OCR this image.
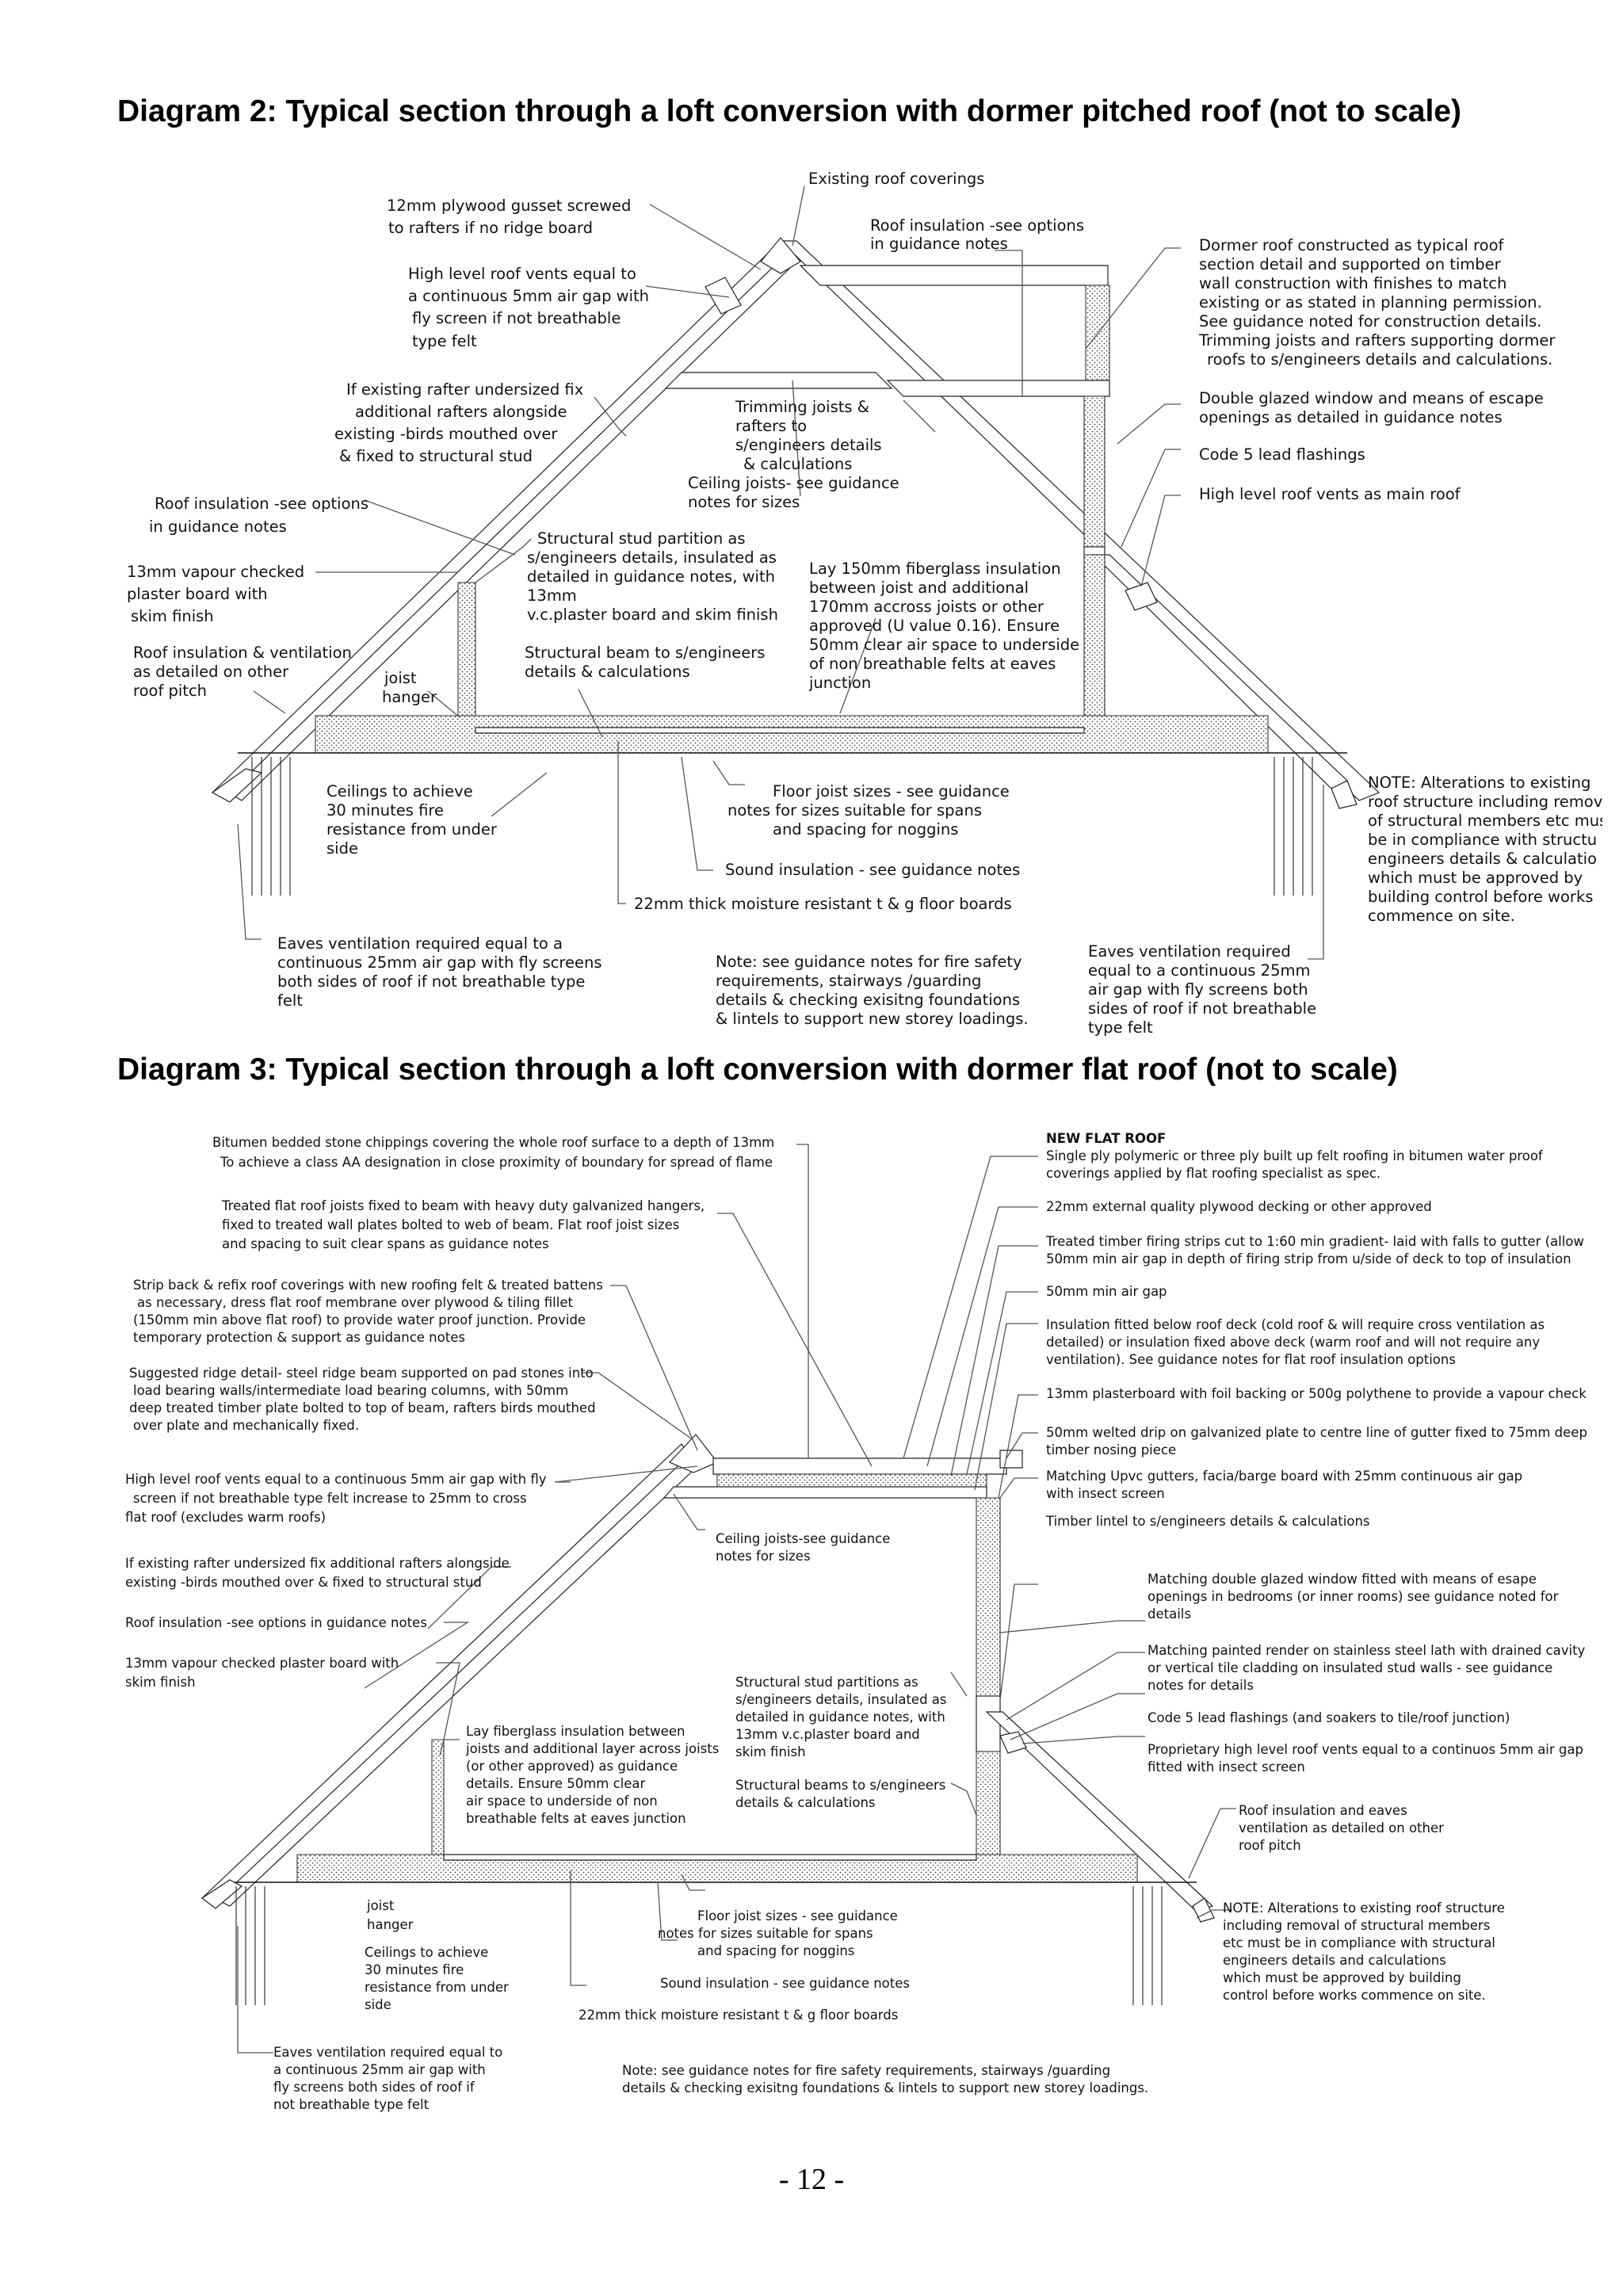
Diagram 2: Typical section through a loft conversion with dormer pitched roof (not to scale)
Diagram 3: Typical section through a loft conversion with dormer flat roof (not to scale)
Existing roof coverings
12mm plywood gusset screwed
to rafters if no ridge board	Roof insulation -see options
in guidance notes	Dormer roof constructed as typical roof
section detail and supported on timber
wall construction with finishes to match
existing or as stated in planning permission.
See guidance noted for construction details.
Trimming joists and rafters supporting dormer
roofs to s/engineers details and calculations.
High level roof vents equal to
a continuous 5mm air gap with
fly screen if not breathable
type felt
If existing rafter undersized fix
additional rafters alongside
existing -birds mouthed over
& fixed to structural stud
Trimming joists &
rafters to
s/engineers details
& calculations
Ceiling joists- see guidance
notes for sizes
Double glazed window and means of escape
openings as detailed in guidance notes
Code 5 lead flashings
High level roof vents as main roof
Roof insulation -see options
in guidance notes
Structural stud partition as
s/engineers details, insulated as
detailed in guidance notes, with
13mm
v.c.plaster board and skim finish
13mm vapour checked
plaster board with
skim finish
Lay 150mm fiberglass insulation
between joist and additional
170mm accross joists or other
approved (U value 0.16). Ensure
50mm clear air space to underside
of non breathable felts at eaves
junction
Roof insulation & ventilation
as detailed on other
roof pitch
joist
hanger
Structural beam to s/engineers
details & calculations
Ceilings to achieve
30 minutes fire
resistance from under
side
Floor joist sizes - see guidance
notes for sizes suitable for spans
and spacing for noggins
Sound insulation - see guidance notes
22mm thick moisture resistant t & g floor boards
Eaves ventilation required equal to a
continuous 25mm air gap with fly screens
both sides of roof if not breathable type
felt
Note: see guidance notes for fire safety
requirements, stairways /guarding
details & checking exisitng foundations
& lintels to support new storey loadings.
Eaves ventilation required
equal to a continuous 25mm
air gap with fly screens both
sides of roof if not breathable
type felt
NOTE: Alterations to existing
roof structure including remov
of structural members etc mus
be in compliance with structu
engineers details & calculatio
which must be approved by
building control before works
commence on site.
Bitumen bedded stone chippings covering the whole roof surface to a depth of 13mm
To achieve a class AA designation in close proximity of boundary for spread of flame
NEW FLAT ROOF
Single ply polymeric or three ply built up felt roofing in bitumen water proof
coverings applied by flat roofing specialist as spec.
Treated flat roof joists fixed to beam with heavy duty galvanized hangers,
fixed to treated wall plates bolted to web of beam. Flat roof joist sizes
and spacing to suit clear spans as guidance notes
22mm external quality plywood decking or other approved
Treated timber firing strips cut to 1:60 min gradient- laid with falls to gutter (allow
50mm min air gap in depth of firing strip from u/side of deck to top of insulation
Strip back & refix roof coverings with new roofing felt & treated battens
as necessary, dress flat roof membrane over plywood & tiling fillet
(150mm min above flat roof) to provide water proof junction. Provide
temporary protection & support as guidance notes
50mm min air gap
Insulation fitted below roof deck (cold roof & will require cross ventilation as
detailed) or insulation fixed above deck (warm roof and will not require any
ventilation). See guidance notes for flat roof insulation options
Suggested ridge detail- steel ridge beam supported on pad stones into
load bearing walls/intermediate load bearing columns, with 50mm
deep treated timber plate bolted to top of beam, rafters birds mouthed
over plate and mechanically fixed.
13mm plasterboard with foil backing or 500g polythene to provide a vapour check
50mm welted drip on galvanized plate to centre line of gutter fixed to 75mm deep
timber nosing piece
Matching Upvc gutters, facia/barge board with 25mm continuous air gap
with insect screen
Timber lintel to s/engineers details & calculations
High level roof vents equal to a continuous 5mm air gap with fly
screen if not breathable type felt increase to 25mm to cross
flat roof (excludes warm roofs)
Ceiling joists-see guidance
notes for sizes
If existing rafter undersized fix additional rafters alongside
existing -birds mouthed over & fixed to structural stud	Matching double glazed window fitted with means of esape
openings in bedrooms (or inner rooms) see guidance noted for
details
Roof insulation -see options in guidance notes
Matching painted render on stainless steel lath with drained cavity
or vertical tile cladding on insulated stud walls - see guidance
notes for details
13mm vapour checked plaster board with
skim finish	Structural stud partitions as
s/engineers details, insulated as
detailed in guidance notes, with
13mm v.c.plaster board and
skim finish
Code 5 lead flashings (and soakers to tile/roof junction)
Lay fiberglass insulation between
joists and additional layer across joists
(or other approved) as guidance
details. Ensure 50mm clear
air space to underside of non
breathable felts at eaves junction
Proprietary high level roof vents equal to a continuos 5mm air gap
fitted with insect screen
Structural beams to s/engineers
details & calculations
Roof insulation and eaves
ventilation as detailed on other
roof pitch
joist
hanger
Floor joist sizes - see guidance
notes for sizes suitable for spans
and spacing for noggins
Ceilings to achieve
30 minutes fire
resistance from under
side
NOTE: Alterations to existing roof structure
including removal of structural members
etc must be in compliance with structural
engineers details and calculations
which must be approved by building
control before works commence on site.
Sound insulation - see guidance notes
22mm thick moisture resistant t & g floor boards
Eaves ventilation required equal to
a continuous 25mm air gap with
fly screens both sides of roof if
not breathable type felt
Note: see guidance notes for fire safety requirements, stairways /guarding
details & checking exisitng foundations & lintels to support new storey loadings.
- 12 -
